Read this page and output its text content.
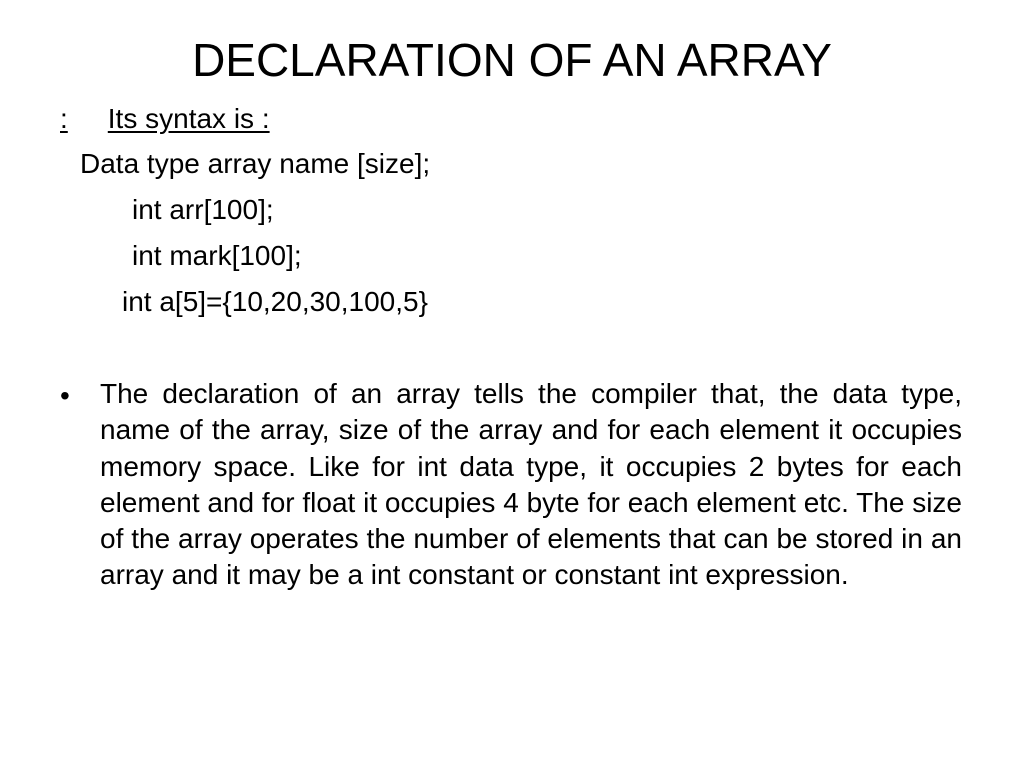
DECLARATION OF AN ARRAY
: Its syntax is :
Data type array name [size];
int arr[100];
int mark[100];
int a[5]={10,20,30,100,5}
• The declaration of an array tells the compiler that, the data type, name of the array, size of the array and for each element it occupies memory space. Like for int data type, it occupies 2 bytes for each element and for float it occupies 4 byte for each element etc. The size of the array operates the number of elements that can be stored in an array and it may be a int constant or constant int expression.
